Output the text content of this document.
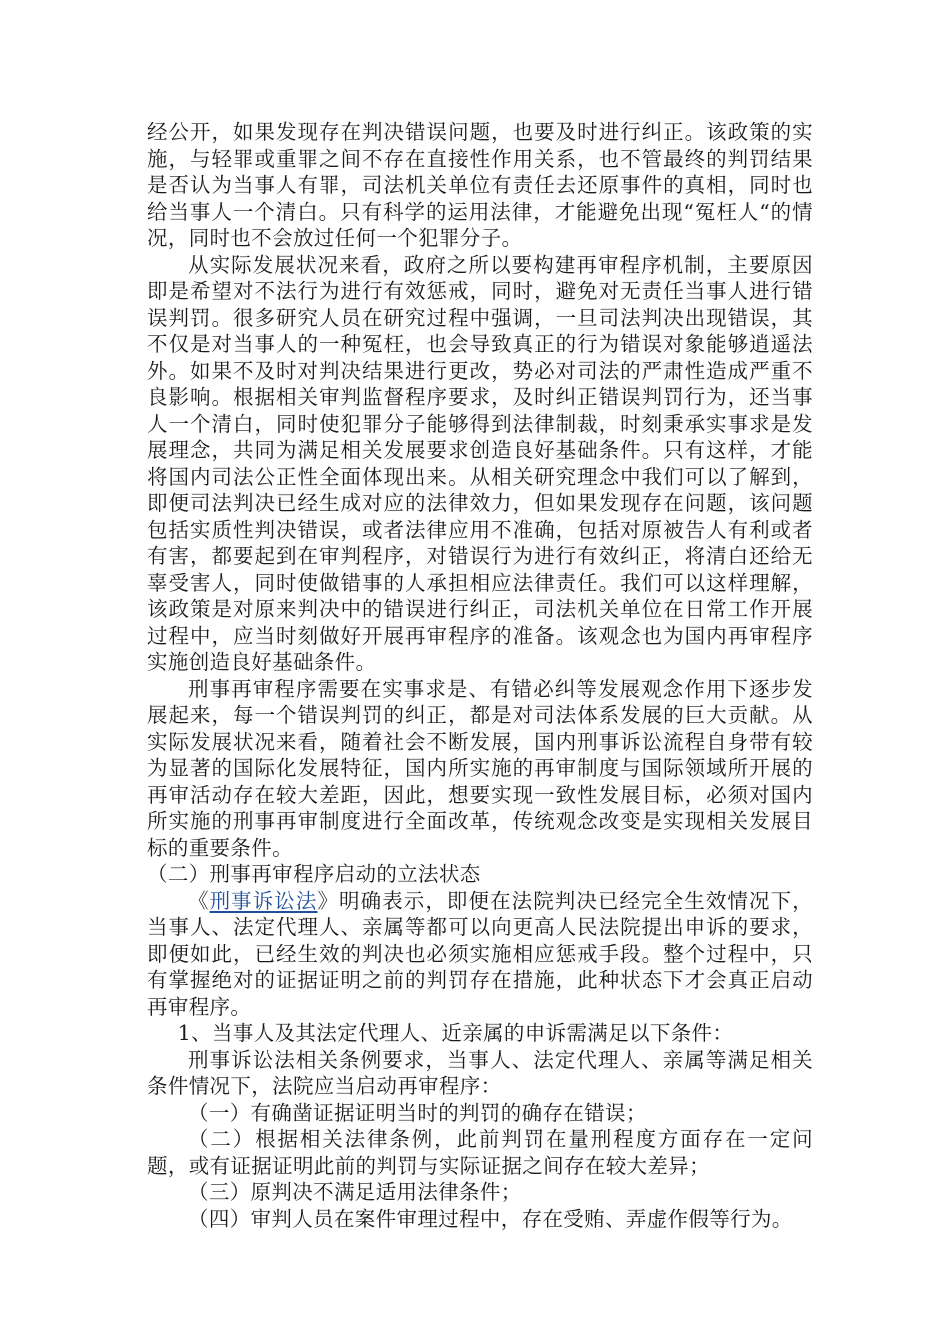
经公开，如果发现存在判决错误问题，也要及时进行纠正。该政策的实施，与轻罪或重罪之间不存在直接性作用关系，也不管最终的判罚结果是否认为当事人有罪，司法机关单位有责任去还原事件的真相，同时也给当事人一个清白。只有科学的运用法律，才能避免出现“冤枉人“的情况，同时也不会放过任何一个犯罪分子。

从实际发展状况来看，政府之所以要构建再审程序机制，主要原因即是希望对不法行为进行有效惩戒，同时，避免对无责任当事人进行错误判罚。很多研究人员在研究过程中强调，一旦司法判决出现错误，其不仅是对当事人的一种冤枉，也会导致真正的行为错误对象能够逍遥法外。如果不及时对判决结果进行更改，势必对司法的严肃性造成严重不良影响。根据相关审判监督程序要求，及时纠正错误判罚行为，还当事人一个清白，同时使犯罪分子能够得到法律制裁，时刻秉承实事求是发展理念，共同为满足相关发展要求创造良好基础条件。只有这样，才能将国内司法公正性全面体现出来。从相关研究理念中我们可以了解到，即便司法判决已经生成对应的法律效力，但如果发现存在问题，该问题包括实质性判决错误，或者法律应用不准确，包括对原被告人有利或者有害，都要起到在审判程序，对错误行为进行有效纠正，将清白还给无辜受害人，同时使做错事的人承担相应法律责任。我们可以这样理解，该政策是对原来判决中的错误进行纠正，司法机关单位在日常工作开展过程中，应当时刻做好开展再审程序的准备。该观念也为国内再审程序实施创造良好基础条件。

刑事再审程序需要在实事求是、有错必纠等发展观念作用下逐步发展起来，每一个错误判罚的纠正，都是对司法体系发展的巨大贡献。从实际发展状况来看，随着社会不断发展，国内刑事诉讼流程自身带有较为显著的国际化发展特征，国内所实施的再审制度与国际领域所开展的再审活动存在较大差距，因此，想要实现一致性发展目标，必须对国内所实施的刑事再审制度进行全面改革，传统观念改变是实现相关发展目标的重要条件。

（二）刑事再审程序启动的立法状态

《刑事诉讼法》明确表示，即便在法院判决已经完全生效情况下，当事人、法定代理人、亲属等都可以向更高人民法院提出申诉的要求，即便如此，已经生效的判决也必须实施相应惩戒手段。整个过程中，只有掌握绝对的证据证明之前的判罚存在措施，此种状态下才会真正启动再审程序。

1、当事人及其法定代理人、近亲属的申诉需满足以下条件：

刑事诉讼法相关条例要求，当事人、法定代理人、亲属等满足相关条件情况下，法院应当启动再审程序：

（一）有确凿证据证明当时的判罚的确存在错误；

（二）根据相关法律条例，此前判罚在量刑程度方面存在一定问题，或有证据证明此前的判罚与实际证据之间存在较大差异；

（三）原判决不满足适用法律条件；

（四）审判人员在案件审理过程中，存在受贿、弄虚作假等行为。
